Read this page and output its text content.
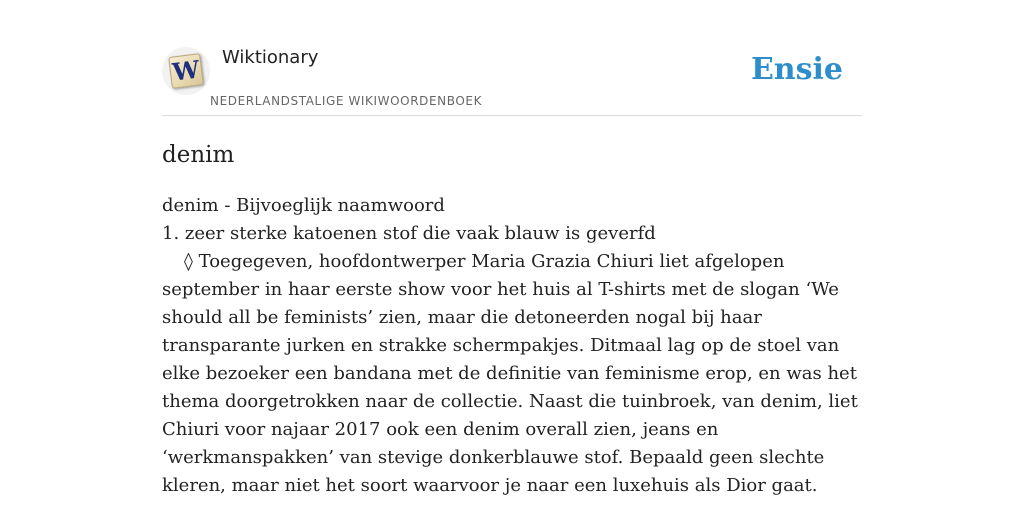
W Wiktionary
NEDERLANDSTALIGE WIKIWOORDENBOEK
Ensie
denim

denim - Bijvoeglijk naamwoord

1. zeer sterke katoenen stof die vaak blauw is geverfd

◊ Toegegeven, hoofdontwerper Maria Grazia Chiuri liet afgelopen september in haar eerste show voor het huis al T-shirts met de slogan ‘We should all be feminists’ zien, maar die detoneerden nogal bij haar transparante jurken en strakke schermpakjes. Ditmaal lag op de stoel van elke bezoeker een bandana met de definitie van feminisme erop, en was het thema doorgetrokken naar de collectie. Naast die tuinbroek, van denim, liet Chiuri voor najaar 2017 ook een denim overall zien, jeans en ‘werkmanspakken’ van stevige donkerblauwe stof. Bepaald geen slechte kleren, maar niet het soort waarvoor je naar een luxehuis als Dior gaat.
